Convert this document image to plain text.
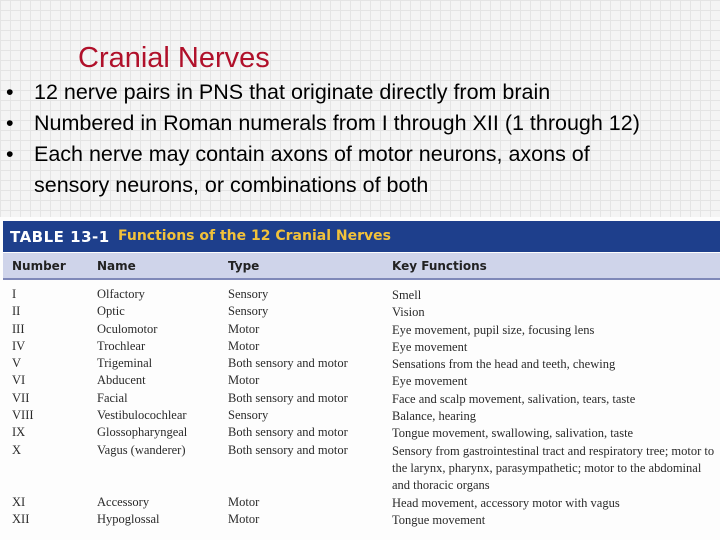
Cranial Nerves
• 12 nerve pairs in PNS that originate directly from brain
• Numbered in Roman numerals from I through XII (1 through 12)
• Each nerve may contain axons of motor neurons, axons of
sensory neurons, or combinations of both
TABLE 13-1 Functions of the 12 Cranial Nerves
Number	Name	Type	Key Functions
I	Olfactory	Sensory	Smell
II	Optic	Sensory	Vision
III	Oculomotor	Motor	Eye movement, pupil size, focusing lens
IV	Trochlear	Motor	Eye movement
V	Trigeminal	Both sensory and motor	Sensations from the head and teeth, chewing
VI	Abducent	Motor	Eye movement
VII	Facial	Both sensory and motor	Face and scalp movement, salivation, tears, taste
VIII	Vestibulocochlear	Sensory	Balance, hearing
IX	Glossopharyngeal	Both sensory and motor	Tongue movement, swallowing, salivation, taste
X	Vagus (wanderer)	Both sensory and motor	Sensory from gastrointestinal tract and respiratory tree; motor to the larynx, pharynx, parasympathetic; motor to the abdominal and thoracic organs
XI	Accessory	Motor	Head movement, accessory motor with vagus
XII	Hypoglossal	Motor	Tongue movement
